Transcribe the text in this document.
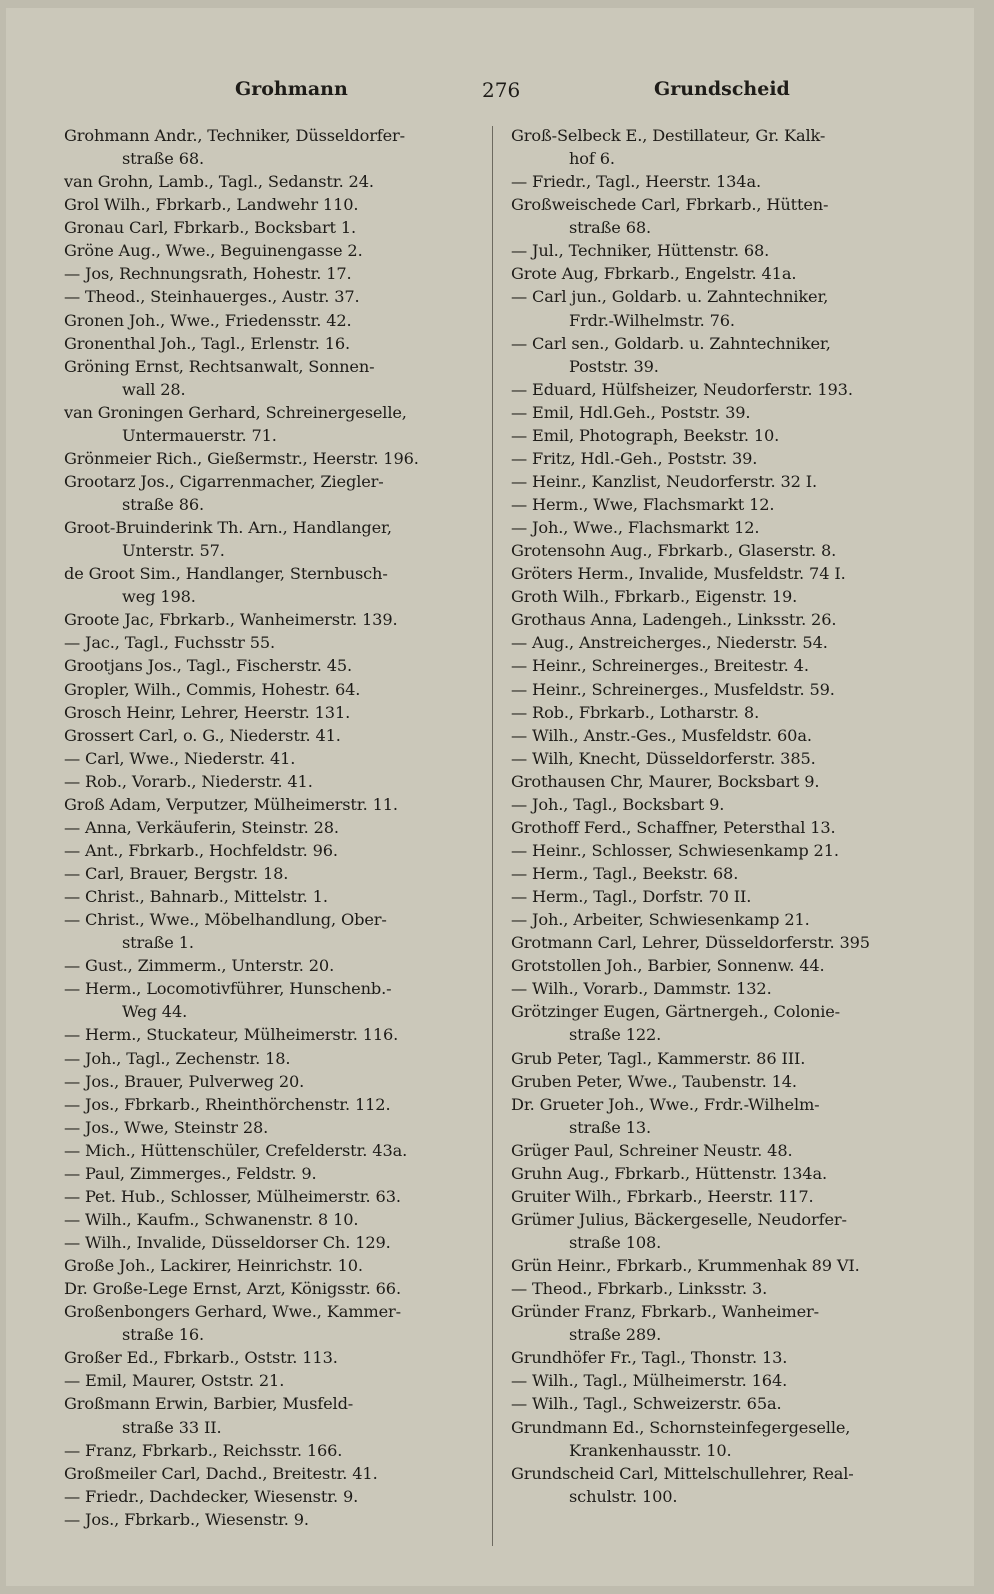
Grohmann	276	Grundscheid
Grohmann Andr., Techniker, Düsseldorfer-
straße 68.
van Grohn, Lamb., Tagl., Sedanstr. 24.
Grol Wilh., Fbrkarb., Landwehr 110.
Gronau Carl, Fbrkarb., Bocksbart 1.
Gröne Aug., Wwe., Beguinengasse 2.
— Jos, Rechnungsrath, Hohestr. 17.
— Theod., Steinhauerges., Austr. 37.
Gronen Joh., Wwe., Friedensstr. 42.
Gronenthal Joh., Tagl., Erlenstr. 16.
Gröning Ernst, Rechtsanwalt, Sonnen-
wall 28.
van Groningen Gerhard, Schreinergeselle,
Untermauerstr. 71.
Grönmeier Rich., Gießermstr., Heerstr. 196.
Grootarz Jos., Cigarrenmacher, Ziegler-
straße 86.
Groot-Bruinderink Th. Arn., Handlanger,
Unterstr. 57.
de Groot Sim., Handlanger, Sternbusch-
weg 198.
Groote Jac, Fbrkarb., Wanheimerstr. 139.
— Jac., Tagl., Fuchsstr 55.
Grootjans Jos., Tagl., Fischerstr. 45.
Gropler, Wilh., Commis, Hohestr. 64.
Grosch Heinr, Lehrer, Heerstr. 131.
Grossert Carl, o. G., Niederstr. 41.
— Carl, Wwe., Niederstr. 41.
— Rob., Vorarb., Niederstr. 41.
Groß Adam, Verputzer, Mülheimerstr. 11.
— Anna, Verkäuferin, Steinstr. 28.
— Ant., Fbrkarb., Hochfeldstr. 96.
— Carl, Brauer, Bergstr. 18.
— Christ., Bahnarb., Mittelstr. 1.
— Christ., Wwe., Möbelhandlung, Ober-
straße 1.
— Gust., Zimmerm., Unterstr. 20.
— Herm., Locomotivführer, Hunschenb.-
Weg 44.
— Herm., Stuckateur, Mülheimerstr. 116.
— Joh., Tagl., Zechenstr. 18.
— Jos., Brauer, Pulverweg 20.
— Jos., Fbrkarb., Rheinthörchenstr. 112.
— Jos., Wwe, Steinstr 28.
— Mich., Hüttenschüler, Crefelderstr. 43a.
— Paul, Zimmerges., Feldstr. 9.
— Pet. Hub., Schlosser, Mülheimerstr. 63.
— Wilh., Kaufm., Schwanenstr. 8 10.
— Wilh., Invalide, Düsseldorser Ch. 129.
Große Joh., Lackirer, Heinrichstr. 10.
Dr. Große-Lege Ernst, Arzt, Königsstr. 66.
Großenbongers Gerhard, Wwe., Kammer-
straße 16.
Großer Ed., Fbrkarb., Oststr. 113.
— Emil, Maurer, Oststr. 21.
Großmann Erwin, Barbier, Musfeld-
straße 33 II.
— Franz, Fbrkarb., Reichsstr. 166.
Großmeiler Carl, Dachd., Breitestr. 41.
— Friedr., Dachdecker, Wiesenstr. 9.
— Jos., Fbrkarb., Wiesenstr. 9.
Groß-Selbeck E., Destillateur, Gr. Kalk-
hof 6.
— Friedr., Tagl., Heerstr. 134a.
Großweischede Carl, Fbrkarb., Hütten-
straße 68.
— Jul., Techniker, Hüttenstr. 68.
Grote Aug, Fbrkarb., Engelstr. 41a.
— Carl jun., Goldarb. u. Zahntechniker,
Frdr.-Wilhelmstr. 76.
— Carl sen., Goldarb. u. Zahntechniker,
Poststr. 39.
— Eduard, Hülfsheizer, Neudorferstr. 193.
— Emil, Hdl.Geh., Poststr. 39.
— Emil, Photograph, Beekstr. 10.
— Fritz, Hdl.-Geh., Poststr. 39.
— Heinr., Kanzlist, Neudorferstr. 32 I.
— Herm., Wwe, Flachsmarkt 12.
— Joh., Wwe., Flachsmarkt 12.
Grotensohn Aug., Fbrkarb., Glaserstr. 8.
Gröters Herm., Invalide, Musfeldstr. 74 I.
Groth Wilh., Fbrkarb., Eigenstr. 19.
Grothaus Anna, Ladengeh., Linksstr. 26.
— Aug., Anstreicherges., Niederstr. 54.
— Heinr., Schreinerges., Breitestr. 4.
— Heinr., Schreinerges., Musfeldstr. 59.
— Rob., Fbrkarb., Lotharstr. 8.
— Wilh., Anstr.-Ges., Musfeldstr. 60a.
— Wilh, Knecht, Düsseldorferstr. 385.
Grothausen Chr, Maurer, Bocksbart 9.
— Joh., Tagl., Bocksbart 9.
Grothoff Ferd., Schaffner, Petersthal 13.
— Heinr., Schlosser, Schwiesenkamp 21.
— Herm., Tagl., Beekstr. 68.
— Herm., Tagl., Dorfstr. 70 II.
— Joh., Arbeiter, Schwiesenkamp 21.
Grotmann Carl, Lehrer, Düsseldorferstr. 395
Grotstollen Joh., Barbier, Sonnenw. 44.
— Wilh., Vorarb., Dammstr. 132.
Grötzinger Eugen, Gärtnergeh., Colonie-
straße 122.
Grub Peter, Tagl., Kammerstr. 86 III.
Gruben Peter, Wwe., Taubenstr. 14.
Dr. Grueter Joh., Wwe., Frdr.-Wilhelm-
straße 13.
Grüger Paul, Schreiner Neustr. 48.
Gruhn Aug., Fbrkarb., Hüttenstr. 134a.
Gruiter Wilh., Fbrkarb., Heerstr. 117.
Grümer Julius, Bäckergeselle, Neudorfer-
straße 108.
Grün Heinr., Fbrkarb., Krummenhak 89 VI.
— Theod., Fbrkarb., Linksstr. 3.
Gründer Franz, Fbrkarb., Wanheimer-
straße 289.
Grundhöfer Fr., Tagl., Thonstr. 13.
— Wilh., Tagl., Mülheimerstr. 164.
— Wilh., Tagl., Schweizerstr. 65a.
Grundmann Ed., Schornsteinfegergeselle,
Krankenhausstr. 10.
Grundscheid Carl, Mittelschullehrer, Real-
schulstr. 100.
